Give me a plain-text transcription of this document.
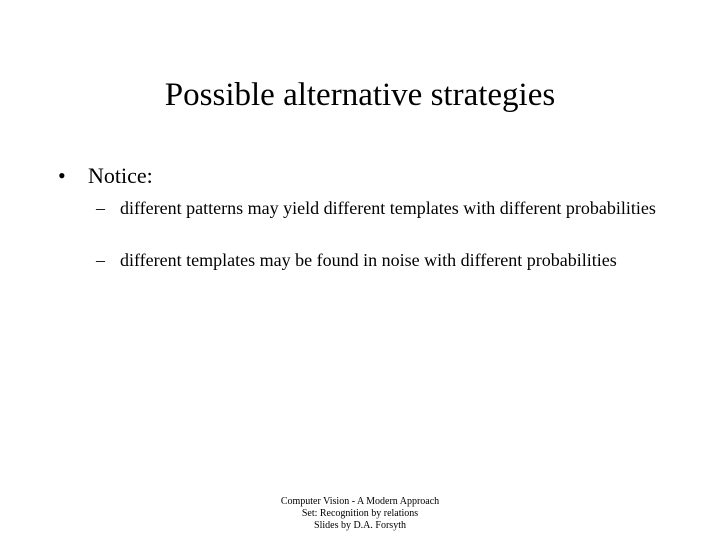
Possible alternative strategies
• Notice:

– different patterns may yield different templates with different probabilities

– different templates may be found in noise with different probabilities

Computer Vision - A Modern Approach
Set: Recognition by relations
Slides by D.A. Forsyth
